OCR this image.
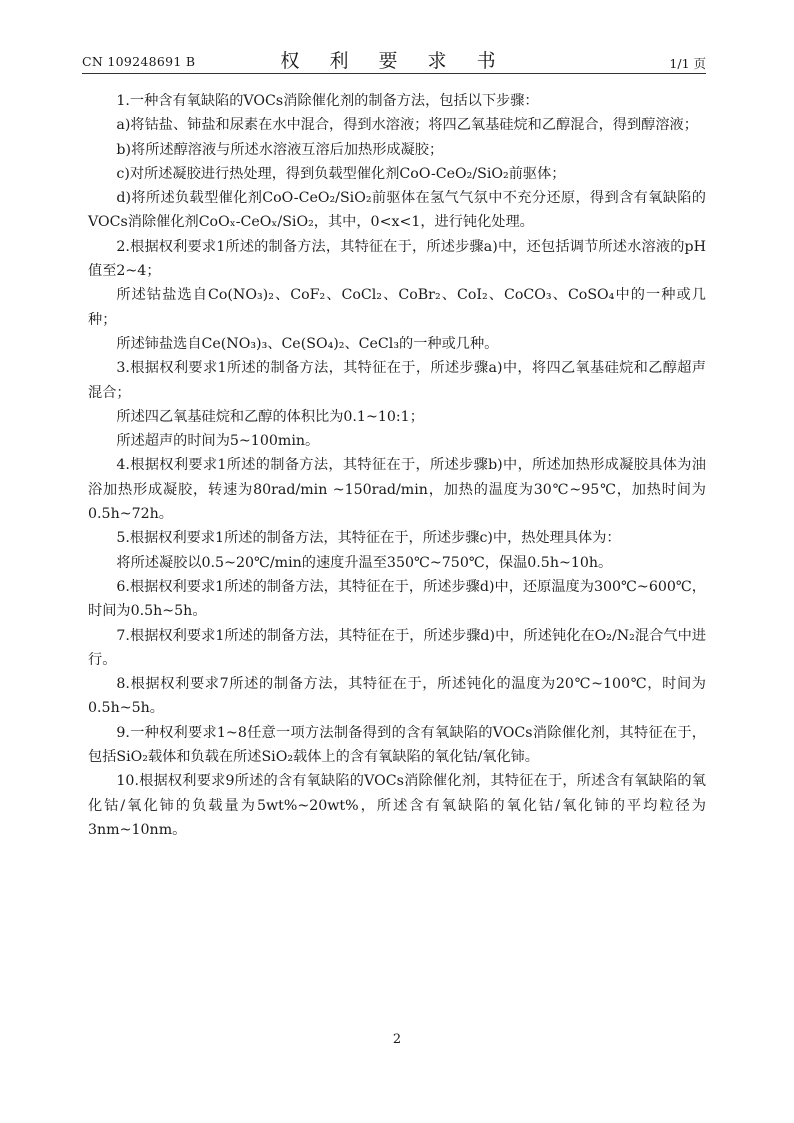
CN 109248691 B	权 利 要 求 书	1/1 页

1.一种含有氧缺陷的VOCs消除催化剂的制备方法，包括以下步骤：

a)将钴盐、铈盐和尿素在水中混合，得到水溶液；将四乙氧基硅烷和乙醇混合，得到醇溶液；

b)将所述醇溶液与所述水溶液互溶后加热形成凝胶；

c)对所述凝胶进行热处理，得到负载型催化剂CoO-CeO₂/SiO₂前驱体；

d)将所述负载型催化剂CoO-CeO₂/SiO₂前驱体在氢气气氛中不充分还原，得到含有氧缺陷的VOCs消除催化剂CoOₓ-CeOₓ/SiO₂，其中，0<x<1，进行钝化处理。

2.根据权利要求1所述的制备方法，其特征在于，所述步骤a)中，还包括调节所述水溶液的pH值至2~4；

所述钴盐选自Co(NO₃)₂、CoF₂、CoCl₂、CoBr₂、CoI₂、CoCO₃、CoSO₄中的一种或几种；

所述铈盐选自Ce(NO₃)₃、Ce(SO₄)₂、CeCl₃的一种或几种。

3.根据权利要求1所述的制备方法，其特征在于，所述步骤a)中，将四乙氧基硅烷和乙醇超声混合；

所述四乙氧基硅烷和乙醇的体积比为0.1~10:1；

所述超声的时间为5~100min。

4.根据权利要求1所述的制备方法，其特征在于，所述步骤b)中，所述加热形成凝胶具体为油浴加热形成凝胶，转速为80rad/min ~150rad/min，加热的温度为30℃~95℃，加热时间为0.5h~72h。

5.根据权利要求1所述的制备方法，其特征在于，所述步骤c)中，热处理具体为：

将所述凝胶以0.5~20℃/min的速度升温至350℃~750℃，保温0.5h~10h。

6.根据权利要求1所述的制备方法，其特征在于，所述步骤d)中，还原温度为300℃~600℃，时间为0.5h~5h。

7.根据权利要求1所述的制备方法，其特征在于，所述步骤d)中，所述钝化在O₂/N₂混合气中进行。

8.根据权利要求7所述的制备方法，其特征在于，所述钝化的温度为20℃~100℃，时间为0.5h~5h。

9.一种权利要求1~8任意一项方法制备得到的含有氧缺陷的VOCs消除催化剂，其特征在于，包括SiO₂载体和负载在所述SiO₂载体上的含有氧缺陷的氧化钴/氧化铈。

10.根据权利要求9所述的含有氧缺陷的VOCs消除催化剂，其特征在于，所述含有氧缺陷的氧化钴/氧化铈的负载量为5wt%~20wt%，所述含有氧缺陷的氧化钴/氧化铈的平均粒径为3nm~10nm。

2
